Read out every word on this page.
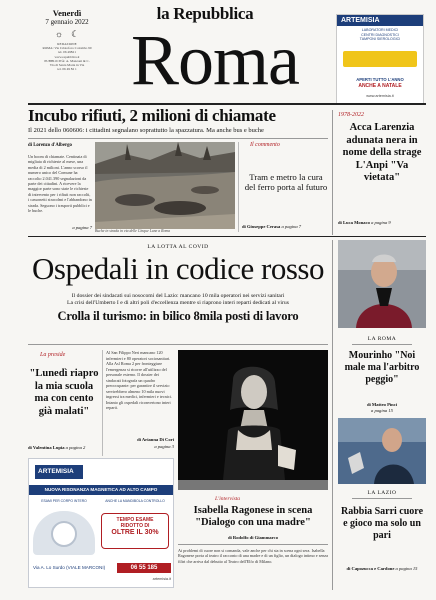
Venerdì
7 gennaio 2022
☼ ☾
REDAZIONE
ROMA: Via Cristoforo Colombo 90
tel. 06 49821
www.repubblica.it
PUBBLICITÀ: A. Manzoni & C.
Via di Santa Maria in Via
tel. 06 49 82 1
la Repubblica
Roma	ARTEMISIA
LABORATORI MEDICI
CENTRI DIAGNOSTICI
TAMPONI SIEROLOGICI
APERTI TUTTO L'ANNO
ANCHE A NATALE
www.artemisia.it
Incubo rifiuti, 2 milioni di chiamate
Il 2021 dello 060606: i cittadini segnalano soprattutto la spazzatura. Ma anche bus e buche
di Lorenzo d'Albergo
Un boom di chiamate. Centinaia di migliaia di richieste al mese, una media di 2 milioni. L'anno scorso il numero unico del Comune ha raccolto 2.041.390 segnalazioni da parte dei cittadini. A ricevere la maggior parte sono state le richieste di intervento per i rifiuti non raccolti, i cassonetti stracolmi e l'abbandono in strada. Seguono i trasporti pubblici e le buche.
a pagina 7
Buche in strada in via delle Cinque Lune a Roma
Il commento
Tram e metro la cura del ferro porta al futuro
di Giuseppe Cerasa a pagina 7
1978-2022
Acca Larenzia adunata nera in nome della strage L'Anpi "Va vietata"
di Luca Monaco a pagina 9
LA LOTTA AL COVID
Ospedali in codice rosso
Il dossier dei sindacati sui nosocomi del Lazio: mancano 10 mila operatori nei servizi sanitari
La crisi dell'Umberto I e di altri poli d'eccellenza mentre si riaprono interi reparti dedicati al virus
Crolla il turismo: in bilico 8mila posti di lavoro
La preside
"Lunedì riapro la mia scuola ma con cento già malati"
di Valentina Lupia a pagina 2
Al San Filippo Neri mancano 120 infermieri e 80 operatori sociosanitari. Alla Asl Roma 2 per fronteggiare l'emergenza si ricorre all'utilizzo del personale esterno. Il dossier dei sindacati fotografa un quadro preoccupante: per garantire il servizio servirebbero almeno 10 mila nuovi ingressi tra medici, infermieri e tecnici. Intanto gli ospedali riconvertono interi reparti.
di Arianna Di Cori
a pagina 3
L'intervista
Isabella Ragonese in scena "Dialogo con una madre"
di Rodolfo di Giammarco
Ai problemi di cuore non si comanda, vale anche per chi sta in scena ogni sera. Isabella Ragonese porta al teatro il racconto di una madre e di un figlio, un dialogo intimo e senza filtri che arriva dal debutto al Teatro dell'Elfo di Milano.
LA ROMA
Mourinho "Noi male ma l'arbitro peggio"
di Matteo Pinci
a pagina 15
LA LAZIO
Rabbia Sarri cuore e gioco ma solo un pari
di Capozucca e Cardone a pagina 15
ARTEMISIA
NUOVA RISONANZA MAGNETICA AD ALTO CAMPO
ESAMI PER CORPO INTERO	ANCHE LA MANDIBOLA CONTROLLO
TEMPO ESAME
RIDOTTO DI
OLTRE IL 30%
Via A. Lo Surdo (VIALE MARCONI)	06 55 185
artemisia.it
